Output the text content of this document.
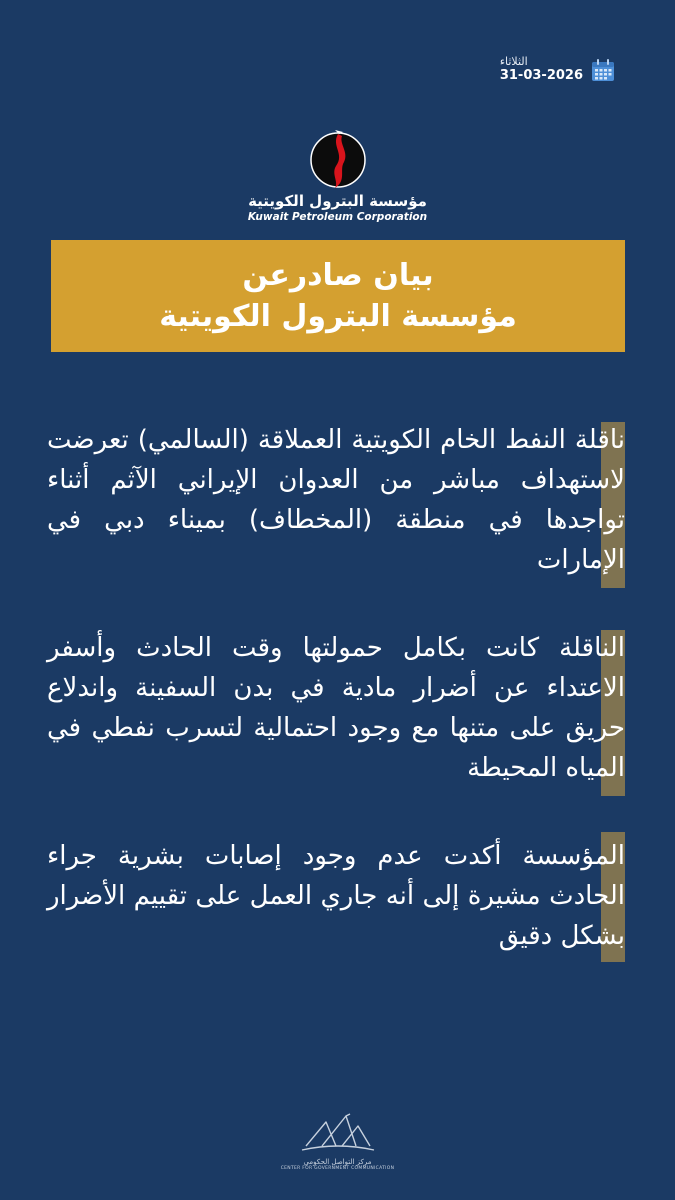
الثلاثاء
31-03-2026
مؤسسة البترول الكويتية
Kuwait Petroleum Corporation
بيان صادرعن
مؤسسة البترول الكويتية
ناقلة النفط الخام الكويتية العملاقة (السالمي) تعرضت لاستهداف مباشر من العدوان الإيراني الآثم أثناء تواجدها في منطقة (المخطاف) بميناء دبي في الإمارات
الناقلة كانت بكامل حمولتها وقت الحادث وأسفر الاعتداء عن أضرار مادية في بدن السفينة واندلاع حريق على متنها مع وجود احتمالية لتسرب نفطي في المياه المحيطة
المؤسسة أكدت عدم وجود إصابات بشرية جراء الحادث مشيرة إلى أنه جاري العمل على تقييم الأضرار بشكل دقيق
مركز التواصل الحكومي
CENTER FOR GOVERNMENT COMMUNICATION
